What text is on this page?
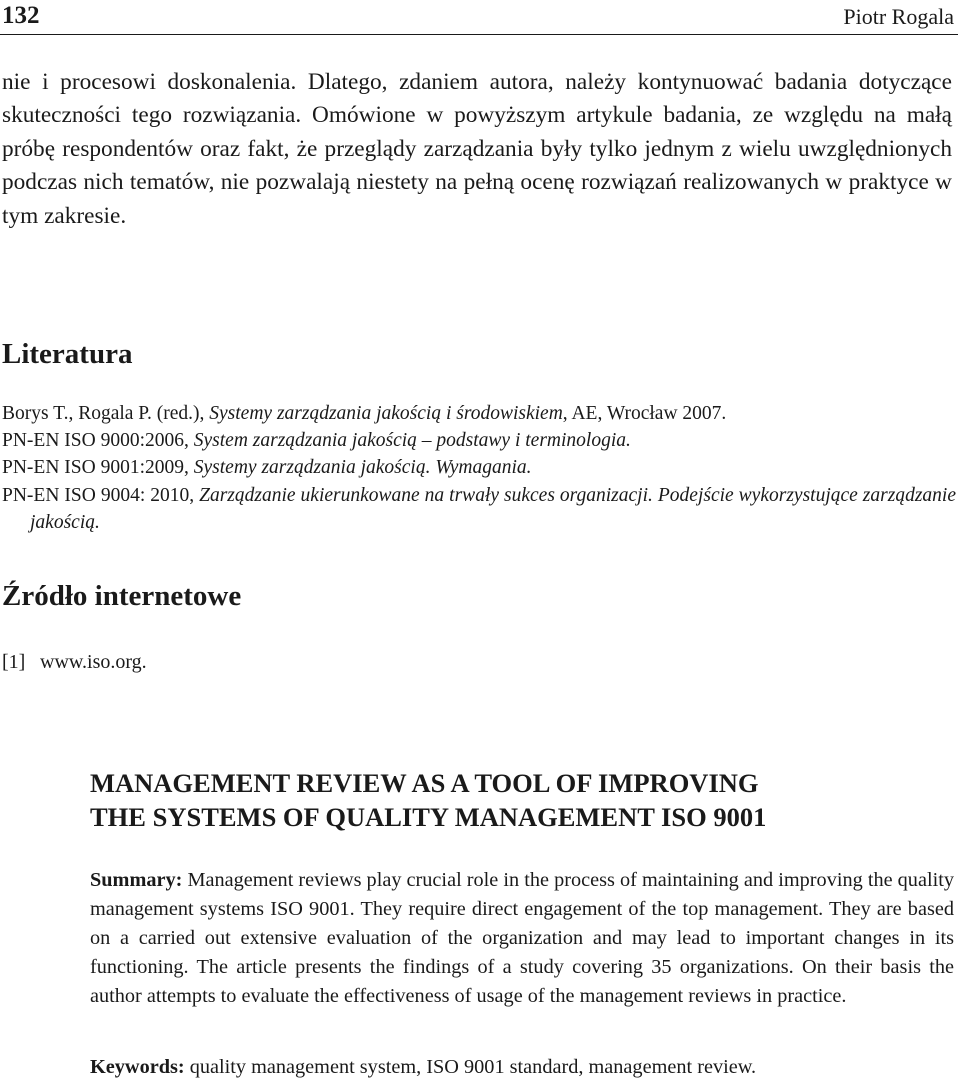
132	Piotr Rogala

nie i procesowi doskonalenia. Dlatego, zdaniem autora, należy kontynuować badania dotyczące skuteczności tego rozwiązania. Omówione w powyższym artykule badania, ze względu na małą próbę respondentów oraz fakt, że przeglądy zarządzania były tylko jednym z wielu uwzględnionych podczas nich tematów, nie pozwalają niestety na pełną ocenę rozwiązań realizowanych w praktyce w tym zakresie.

Literatura

Borys T., Rogala P. (red.), Systemy zarządzania jakością i środowiskiem, AE, Wrocław 2007.

PN-EN ISO 9000:2006, System zarządzania jakością – podstawy i terminologia.

PN-EN ISO 9001:2009, Systemy zarządzania jakością. Wymagania.

PN-EN ISO 9004: 2010, Zarządzanie ukierunkowane na trwały sukces organizacji. Podejście wykorzystujące zarządzanie jakością.

Źródło internetowe
[1] www.iso.org.
MANAGEMENT REVIEW AS A TOOL OF IMPROVING
THE SYSTEMS OF QUALITY MANAGEMENT ISO 9001

Summary: Management reviews play crucial role in the process of maintaining and improving the quality management systems ISO 9001. They require direct engagement of the top management. They are based on a carried out extensive evaluation of the organization and may lead to important changes in its functioning. The article presents the findings of a study covering 35 organizations. On their basis the author attempts to evaluate the effectiveness of usage of the management reviews in practice.

Keywords: quality management system, ISO 9001 standard, management review.
